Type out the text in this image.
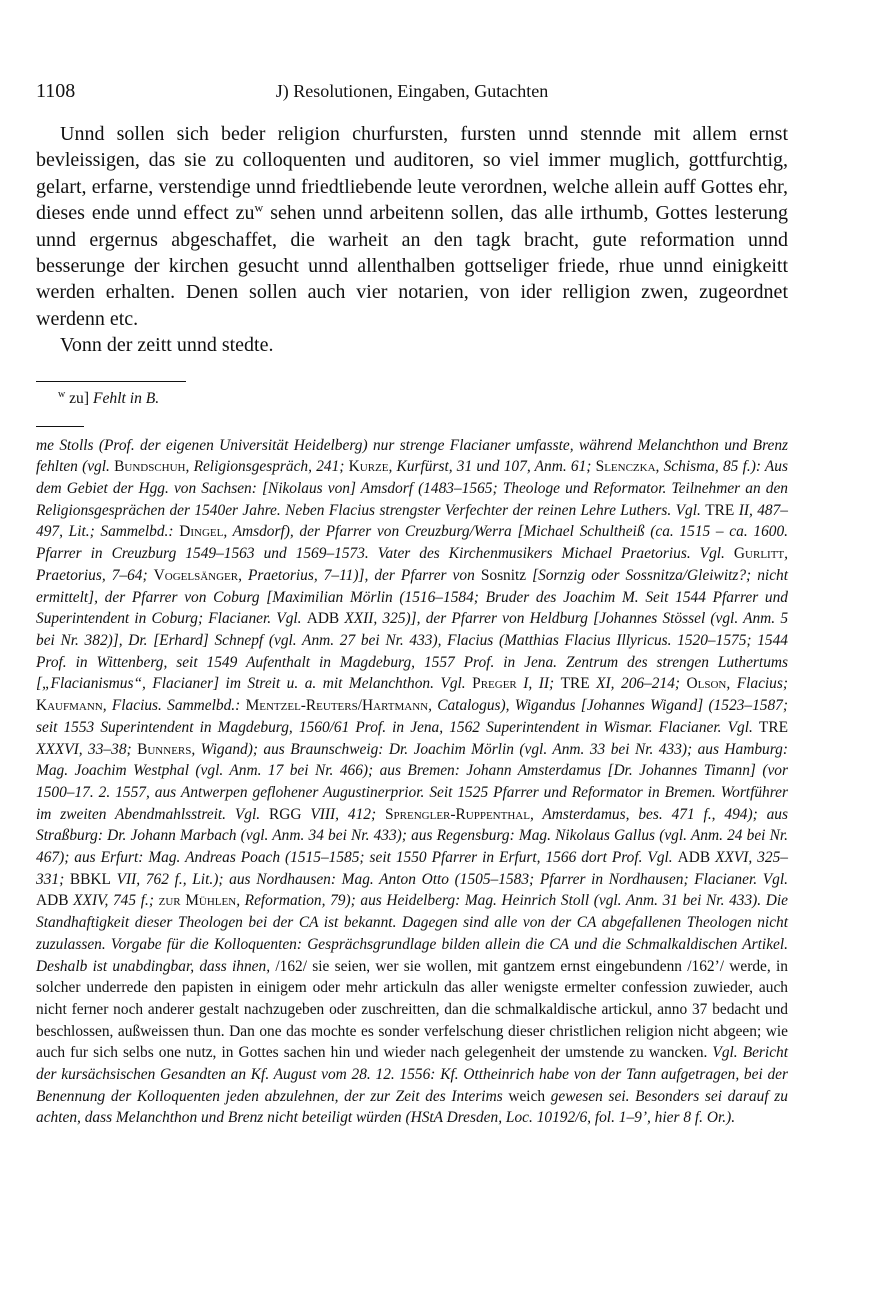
1108	J) Resolutionen, Eingaben, Gutachten

Unnd sollen sich beder religion churfursten, fursten unnd stennde mit allem ernst bevleissigen, das sie zu colloquenten und auditoren, so viel immer muglich, gottfurchtig, gelart, erfarne, verstendige unnd friedtliebende leute verordnen, welche allein auff Gottes ehr, dieses ende unnd effect $zu^w$ sehen unnd arbeitenn sollen, das alle irthumb, Gottes lesterung unnd ergernus abgeschaffet, die warheit an den tagk bracht, gute reformation unnd besserunge der kirchen gesucht unnd allenthalben gottseliger friede, rhue unnd einigkeitt werden erhalten. Denen sollen auch vier notarien, von ider relligion zwen, zugeordnet werdenn etc.

Vonn der zeitt unnd stedte.

$^w$ zu] Fehlt in B.
me Stolls (Prof. der eigenen Universität Heidelberg) nur strenge Flacianer umfasste, während Melanchthon und Brenz fehlten (vgl. Bundschuh, Religionsgespräch, 241; Kurze, Kurfürst, 31 und 107, Anm. 61; Slenczka, Schisma, 85 f.): Aus dem Gebiet der Hgg. von Sachsen: [Nikolaus von] Amsdorf (1483–1565; Theologe und Reformator. Teilnehmer an den Religionsgesprächen der 1540er Jahre. Neben Flacius strengster Verfechter der reinen Lehre Luthers. Vgl. TRE II, 487–497, Lit.; Sammelbd.: Dingel, Amsdorf), der Pfarrer von Creuzburg/Werra [Michael Schultheiß (ca. 1515 – ca. 1600. Pfarrer in Creuzburg 1549–1563 und 1569–1573. Vater des Kirchenmusikers Michael Praetorius. Vgl. Gurlitt, Praetorius, 7–64; Vogelsänger, Praetorius, 7–11)], der Pfarrer von Sosnitz [Sornzig oder Sossnitza/Gleiwitz?; nicht ermittelt], der Pfarrer von Coburg [Maximilian Mörlin (1516–1584; Bruder des Joachim M. Seit 1544 Pfarrer und Superintendent in Coburg; Flacianer. Vgl. ADB XXII, 325)], der Pfarrer von Heldburg [Johannes Stössel (vgl. Anm. 5 bei Nr. 382)], Dr. [Erhard] Schnepf (vgl. Anm. 27 bei Nr. 433), Flacius (Matthias Flacius Illyricus. 1520–1575; 1544 Prof. in Wittenberg, seit 1549 Aufenthalt in Magdeburg, 1557 Prof. in Jena. Zentrum des strengen Luthertums [„Flacianismus“, Flacianer] im Streit u. a. mit Melanchthon. Vgl. Preger I, II; TRE XI, 206–214; Olson, Flacius; Kaufmann, Flacius. Sammelbd.: Mentzel-Reuters/Hartmann, Catalogus), Wigandus [Johannes Wigand] (1523–1587; seit 1553 Superintendent in Magdeburg, 1560/61 Prof. in Jena, 1562 Superintendent in Wismar. Flacianer. Vgl. TRE XXXVI, 33–38; Bunners, Wigand); aus Braunschweig: Dr. Joachim Mörlin (vgl. Anm. 33 bei Nr. 433); aus Hamburg: Mag. Joachim Westphal (vgl. Anm. 17 bei Nr. 466); aus Bremen: Johann Amsterdamus [Dr. Johannes Timann] (vor 1500–17. 2. 1557, aus Antwerpen geflohener Augustinerprior. Seit 1525 Pfarrer und Reformator in Bremen. Wortführer im zweiten Abendmahlsstreit. Vgl. RGG VIII, 412; Sprengler-Ruppenthal, Amsterdamus, bes. 471 f., 494); aus Straßburg: Dr. Johann Marbach (vgl. Anm. 34 bei Nr. 433); aus Regensburg: Mag. Nikolaus Gallus (vgl. Anm. 24 bei Nr. 467); aus Erfurt: Mag. Andreas Poach (1515–1585; seit 1550 Pfarrer in Erfurt, 1566 dort Prof. Vgl. ADB XXVI, 325–331; BBKL VII, 762 f., Lit.); aus Nordhausen: Mag. Anton Otto (1505–1583; Pfarrer in Nordhausen; Flacianer. Vgl. ADB XXIV, 745 f.; zur Mühlen, Reformation, 79); aus Heidelberg: Mag. Heinrich Stoll (vgl. Anm. 31 bei Nr. 433). Die Standhaftigkeit dieser Theologen bei der CA ist bekannt. Dagegen sind alle von der CA abgefallenen Theologen nicht zuzulassen. Vorgabe für die Kolloquenten: Gesprächsgrundlage bilden allein die CA und die Schmalkaldischen Artikel. Deshalb ist unabdingbar, dass ihnen, /162/ sie seien, wer sie wollen, mit gantzem ernst eingebundenn /162’/ werde, in solcher underrede den papisten in einigem oder mehr artickuln das aller wenigste ermelter confession zuwieder, auch nicht ferner noch anderer gestalt nachzugeben oder zuschreitten, dan die schmalkaldische artickul, anno 37 bedacht und beschlossen, außweissen thun. Dan one das mochte es sonder verfelschung dieser christlichen religion nicht abgeen; wie auch fur sich selbs one nutz, in Gottes sachen hin und wieder nach gelegenheit der umstende zu wancken. Vgl. Bericht der kursächsischen Gesandten an Kf. August vom 28. 12. 1556: Kf. Ottheinrich habe von der Tann aufgetragen, bei der Benennung der Kolloquenten jeden abzulehnen, der zur Zeit des Interims weich gewesen sei. Besonders sei darauf zu achten, dass Melanchthon und Brenz nicht beteiligt würden (HStA Dresden, Loc. 10192/6, fol. 1–9’, hier 8 f. Or.).
